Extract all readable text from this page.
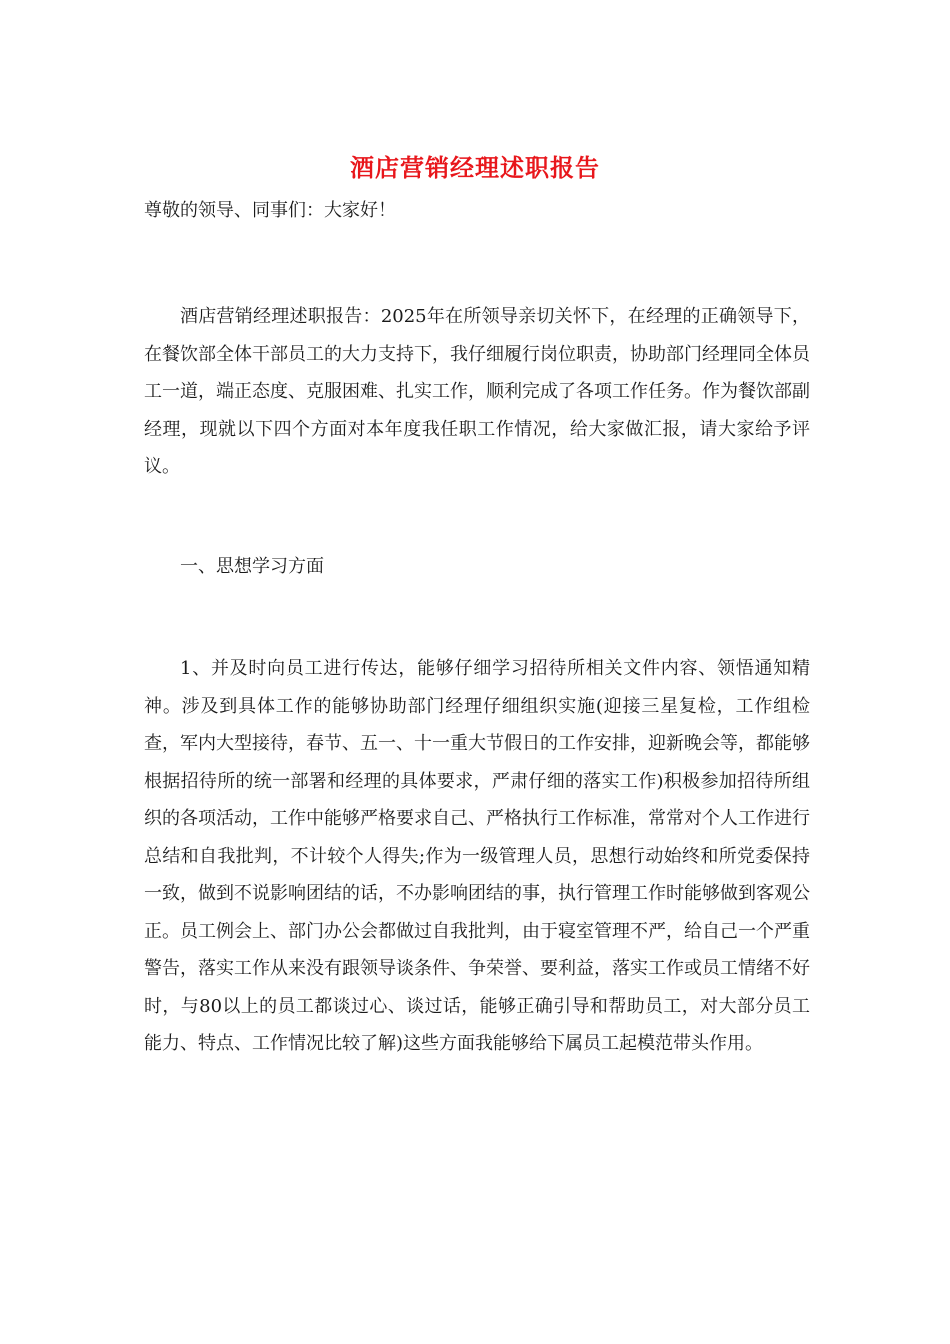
酒店营销经理述职报告
尊敬的领导、同事们：大家好！
酒店营销经理述职报告：2025年在所领导亲切关怀下，在经理的正确领导下，在餐饮部全体干部员工的大力支持下，我仔细履行岗位职责，协助部门经理同全体员工一道，端正态度、克服困难、扎实工作，顺利完成了各项工作任务。作为餐饮部副经理，现就以下四个方面对本年度我任职工作情况，给大家做汇报，请大家给予评议。
一、思想学习方面
1、并及时向员工进行传达，能够仔细学习招待所相关文件内容、领悟通知精神。涉及到具体工作的能够协助部门经理仔细组织实施(迎接三星复检，工作组检查，军内大型接待，春节、五一、十一重大节假日的工作安排，迎新晚会等，都能够根据招待所的统一部署和经理的具体要求，严肃仔细的落实工作)积极参加招待所组织的各项活动，工作中能够严格要求自己、严格执行工作标准，常常对个人工作进行总结和自我批判，不计较个人得失;作为一级管理人员，思想行动始终和所党委保持一致，做到不说影响团结的话，不办影响团结的事，执行管理工作时能够做到客观公正。员工例会上、部门办公会都做过自我批判，由于寝室管理不严，给自己一个严重警告，落实工作从来没有跟领导谈条件、争荣誉、要利益，落实工作或员工情绪不好时，与80以上的员工都谈过心、谈过话，能够正确引导和帮助员工，对大部分员工能力、特点、工作情况比较了解)这些方面我能够给下属员工起模范带头作用。
